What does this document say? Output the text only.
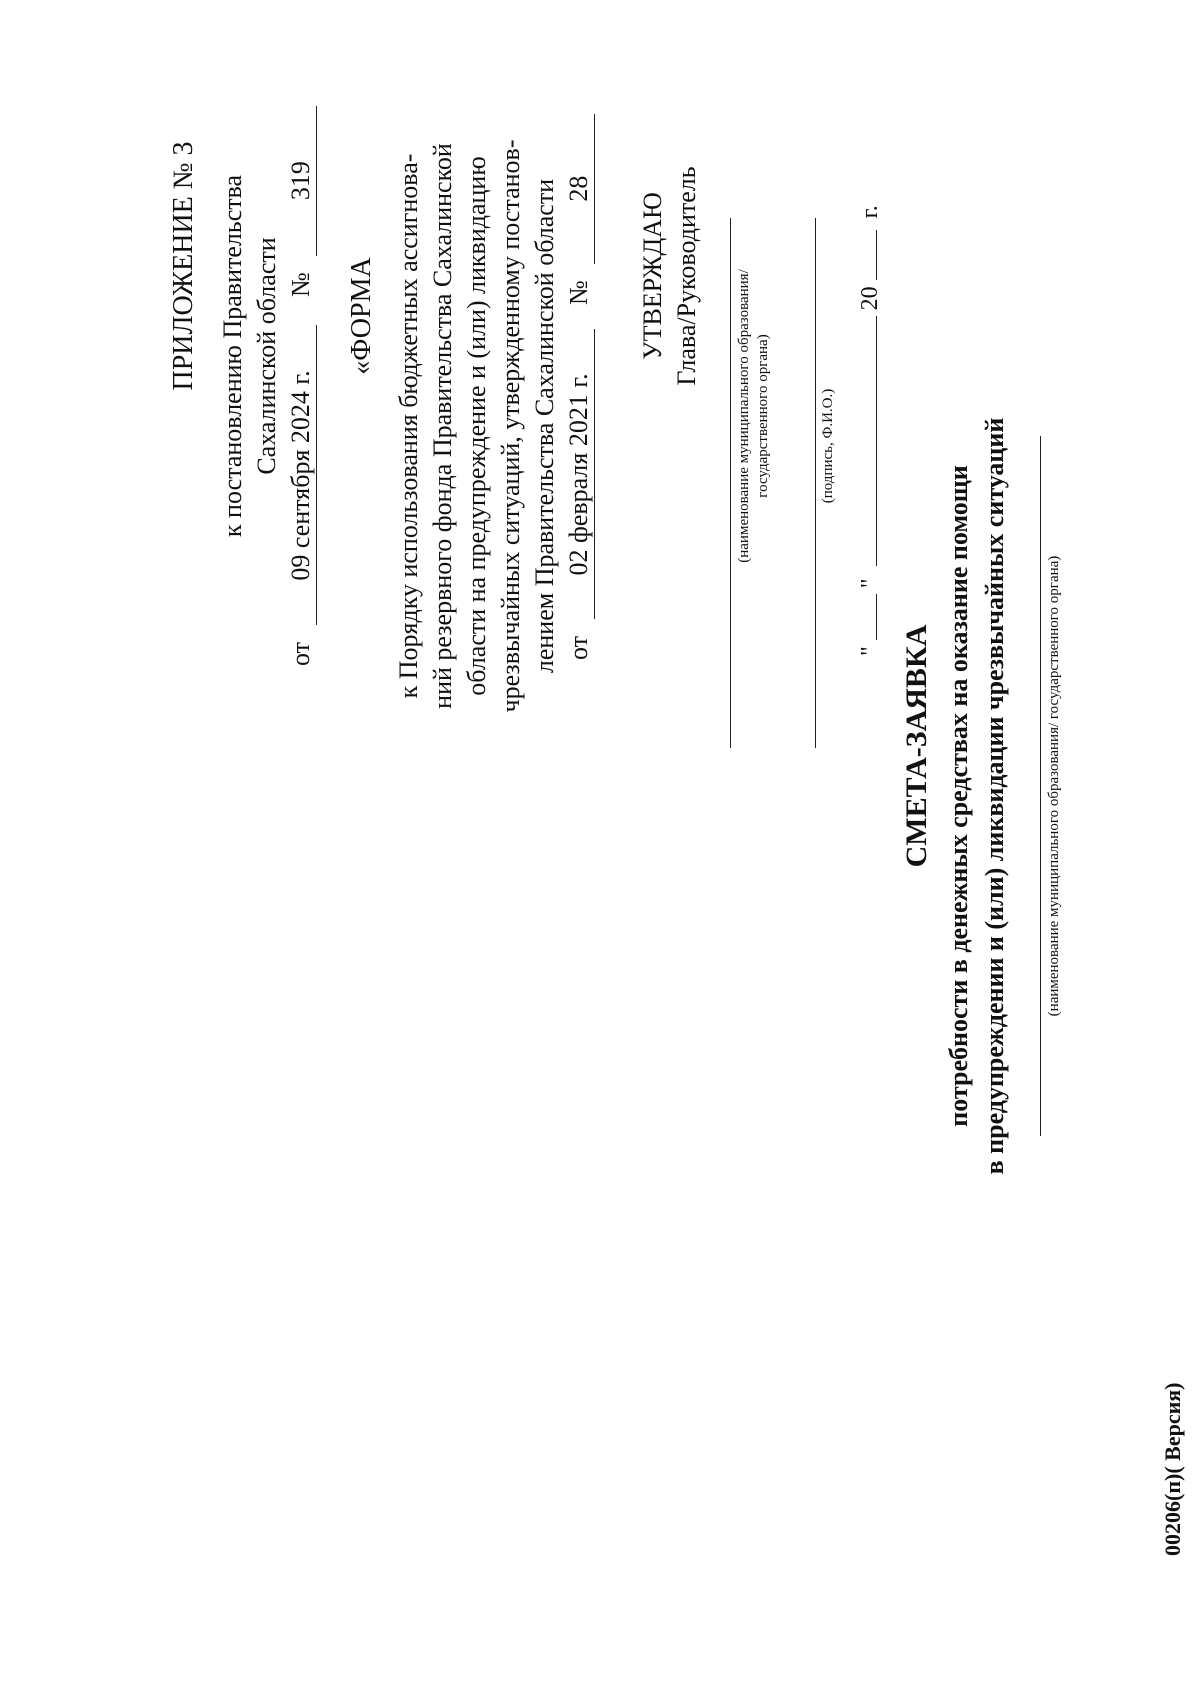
ПРИЛОЖЕНИЕ № 3 к постановлению Правительства Сахалинской области
от 09 сентября 2024 г. № 319
«ФОРМА к Порядку использования бюджетных ассигнова- ний резервного фонда Правительства Сахалинской области на предупреждение и (или) ликвидацию чрезвычайных ситуаций, утвержденному постанов- лением Правительства Сахалинской области от 02 февраля 2021 г. № 28
УТВЕРЖДАЮ Глава/Руководитель (наименование муниципального образования/ государственного органа)	(подпись, Ф.И.О.)
"  "  20  г.
СМЕТА-ЗАЯВКА потребности в денежных средствах на оказание помощи в предупреждении и (или) ликвидации чрезвычайных ситуаций (наименование муниципального образования/ государственного органа)
00206(п)( Версия)
